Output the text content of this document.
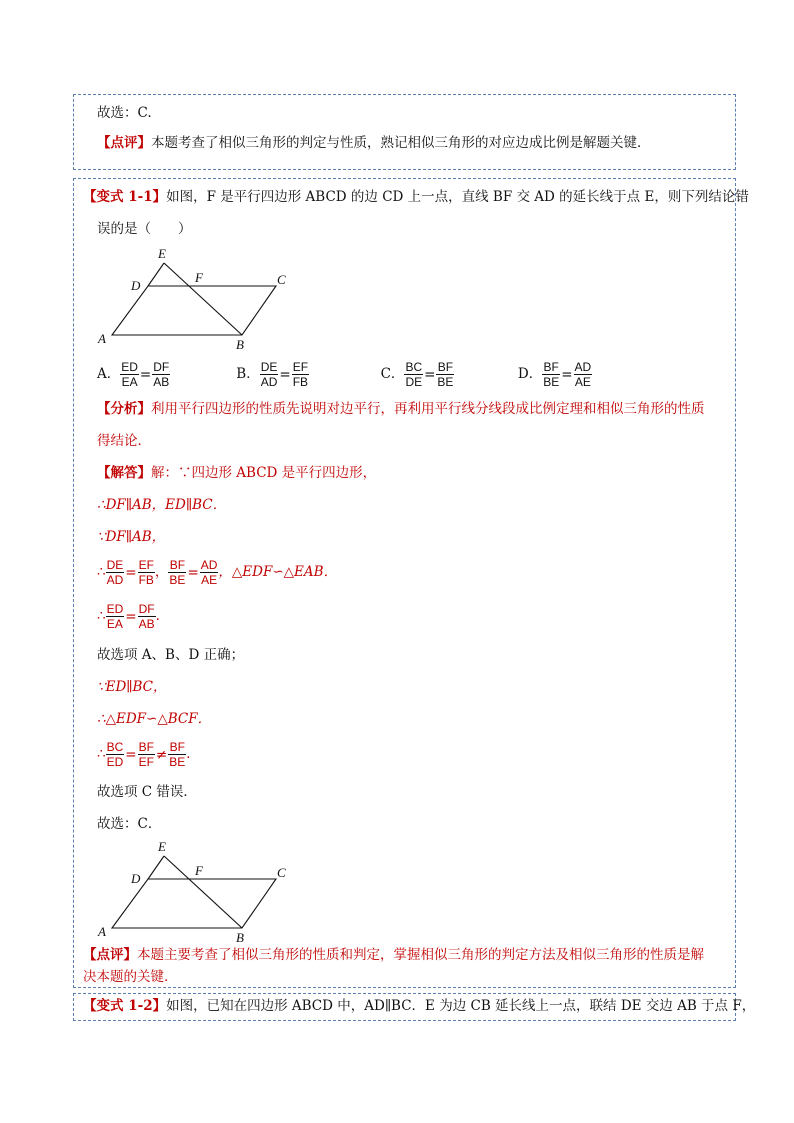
故选：C.
【点评】本题考查了相似三角形的判定与性质，熟记相似三角形的对应边成比例是解题关键．
【变式 1-1】如图，F 是平行四边形 ABCD 的边 CD 上一点，直线 BF 交 AD 的延长线于点 E，则下列结论错
误的是（　　）
E
F	C
D
A	B
A． $\frac{ED}{EA} = \frac{DF}{AB}$	B． $\frac{DE}{AD} = \frac{EF}{FB}$	C． $\frac{BC}{DE} = \frac{BF}{BE}$	D． $\frac{BF}{BE} = \frac{AD}{AE}$
【分析】利用平行四边形的性质先说明对边平行，再利用平行线分线段成比例定理和相似三角形的性质
得结论．
【解答】解：∵四边形 ABCD 是平行四边形，
∴DF∥AB，ED∥BC．
∵DF∥AB，
∴ $\frac{DE}{AD} = \frac{EF}{FB}$ ， $\frac{BF}{BE} = \frac{AD}{AE}$ ，△EDF∽△EAB．
∴ $\frac{ED}{EA} = \frac{DF}{AB}$ ．
故选项 A、B、D 正确；
∵ED∥BC，
∴△EDF∽△BCF．
∴ $\frac{BC}{ED} = \frac{BF}{EF} \ne \frac{BF}{BE}$ ．
故选项 C 错误．
故选：C．
E
F	C
D
A	B
【点评】本题主要考查了相似三角形的性质和判定，掌握相似三角形的判定方法及相似三角形的性质是解
决本题的关键．
【变式 1-2】如图，已知在四边形 ABCD 中，AD∥BC．E 为边 CB 延长线上一点，联结 DE 交边 AB 于点 F，
